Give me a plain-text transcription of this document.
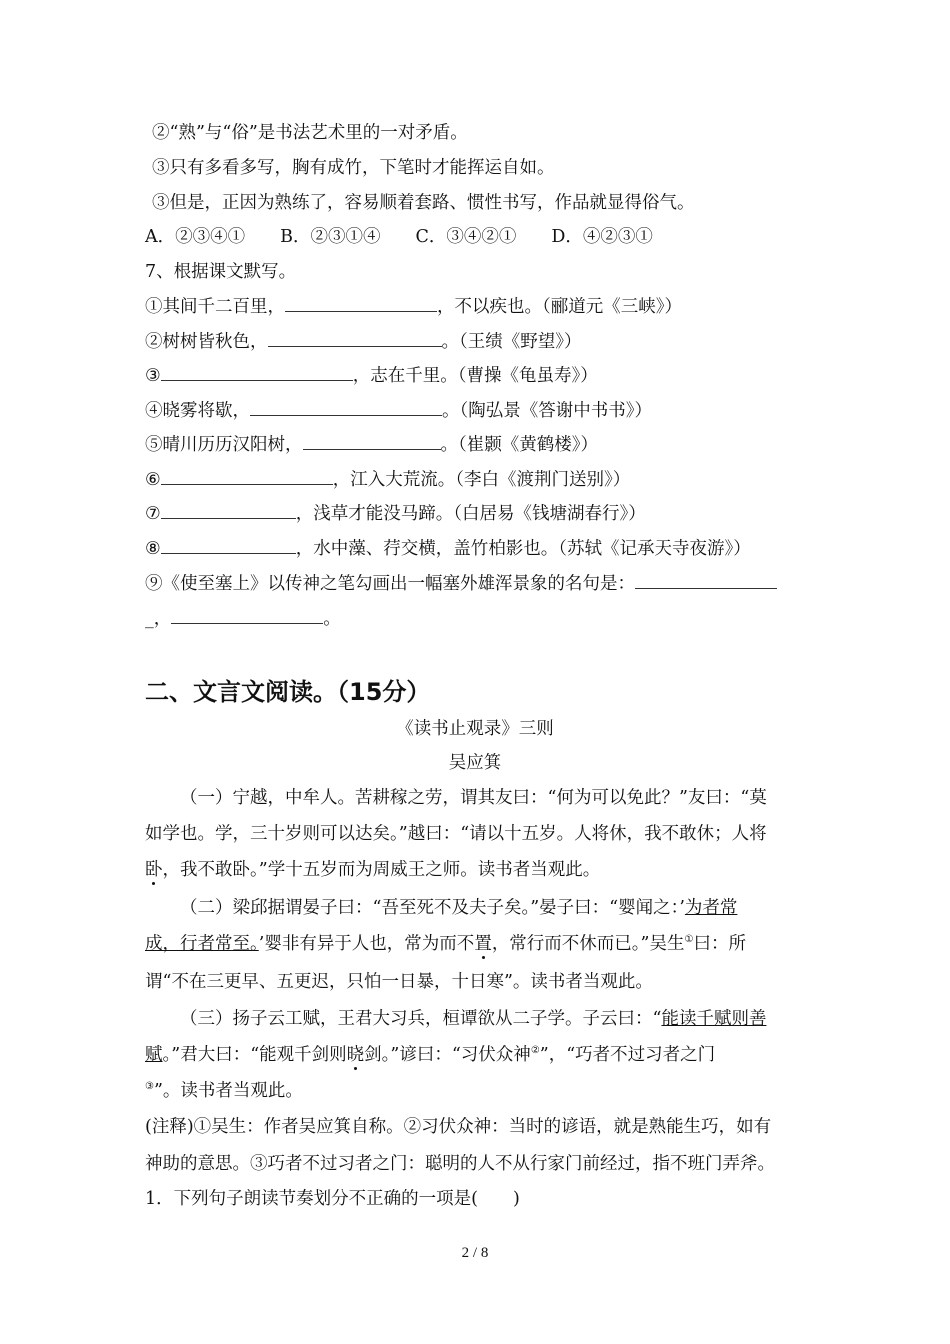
②“熟”与“俗”是书法艺术里的一对矛盾。
③只有多看多写，胸有成竹，下笔时才能挥运自如。
③但是，正因为熟练了，容易顺着套路、惯性书写，作品就显得俗气。
A．②③④①　　B．②③①④　　C．③④②①　　D．④②③①
7、根据课文默写。
①其间千二百里，	，不以疾也。（郦道元《三峡》）
②树树皆秋色，	。（王绩《野望》）
③	，志在千里。（曹操《龟虽寿》）
④晓雾将歇，	。（陶弘景《答谢中书书》）
⑤晴川历历汉阳树，	。（崔颢《黄鹤楼》）
⑥	，江入大荒流。（李白《渡荆门送别》）
⑦	，浅草才能没马蹄。（白居易《钱塘湖春行》）
⑧	，水中藻、荇交横，盖竹柏影也。（苏轼《记承天寺夜游》）
⑨《使至塞上》以传神之笔勾画出一幅塞外雄浑景象的名句是：
_，	。
二、文言文阅读。（15分）
《读书止观录》三则
吴应箕
（一）宁越，中牟人。苦耕稼之劳，谓其友曰：“何为可以免此？”友曰：“莫
如学也。学，三十岁则可以达矣。”越曰：“请以十五岁。人将休，我不敢休；人将
卧，我不敢卧。”学十五岁而为周威王之师。读书者当观此。
（二）梁邱据谓晏子曰：“吾至死不及夫子矣。”晏子曰：“婴闻之：’为者常
成，行者常至。’婴非有异于人也，常为而不置，常行而不休而已。”吴生①曰：所
谓“不在三更早、五更迟，只怕一日暴，十日寒”。读书者当观此。
（三）扬子云工赋，王君大习兵，桓谭欲从二子学。子云曰：“能读千赋则善
赋。”君大曰：“能观千剑则晓剑。”谚曰：“习伏众神②”，“巧者不过习者之门
③”。读书者当观此。
(注释)①吴生：作者吴应箕自称。②习伏众神：当时的谚语，就是熟能生巧，如有
神助的意思。③巧者不过习者之门：聪明的人不从行家门前经过，指不班门弄斧。
1．下列句子朗读节奏划分不正确的一项是(　　)
2 / 8
